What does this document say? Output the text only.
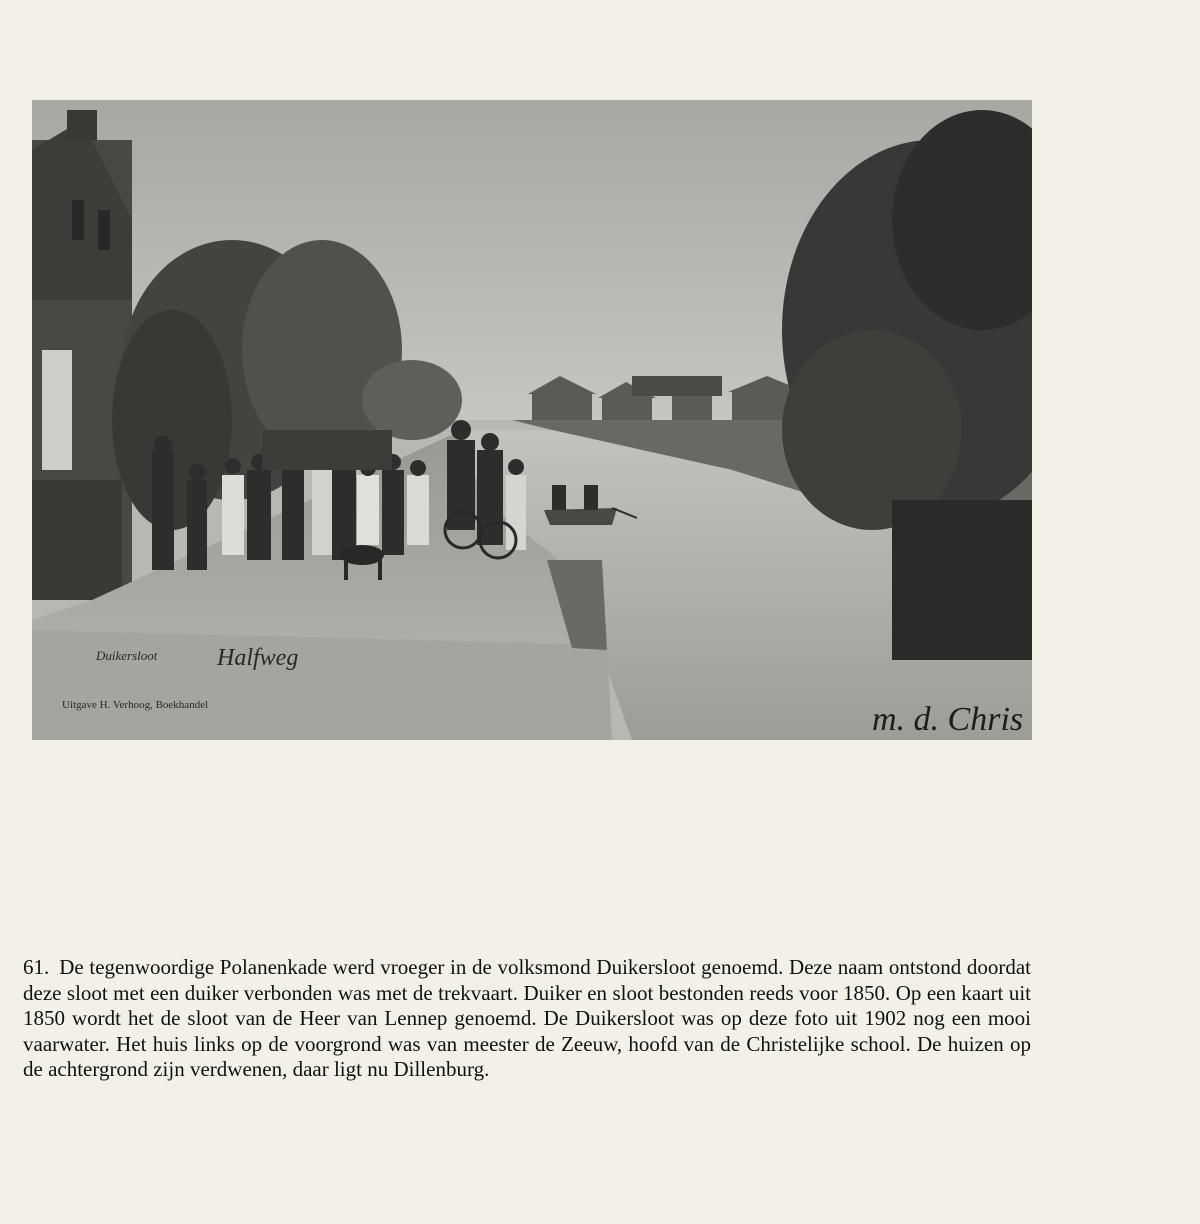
Duikersloot Halfweg
Uitgave H. Verhoog, Boekhandel	m. d. Chris

61. De tegenwoordige Polanenkade werd vroeger in de volksmond Duikersloot genoemd. Deze naam ontstond doordat deze sloot met een duiker verbonden was met de trekvaart. Duiker en sloot bestonden reeds voor 1850. Op een kaart uit 1850 wordt het de sloot van de Heer van Lennep genoemd. De Duikersloot was op deze foto uit 1902 nog een mooi vaarwater. Het huis links op de voorgrond was van meester de Zeeuw, hoofd van de Christelijke school. De huizen op de achtergrond zijn verdwenen, daar ligt nu Dillenburg.
